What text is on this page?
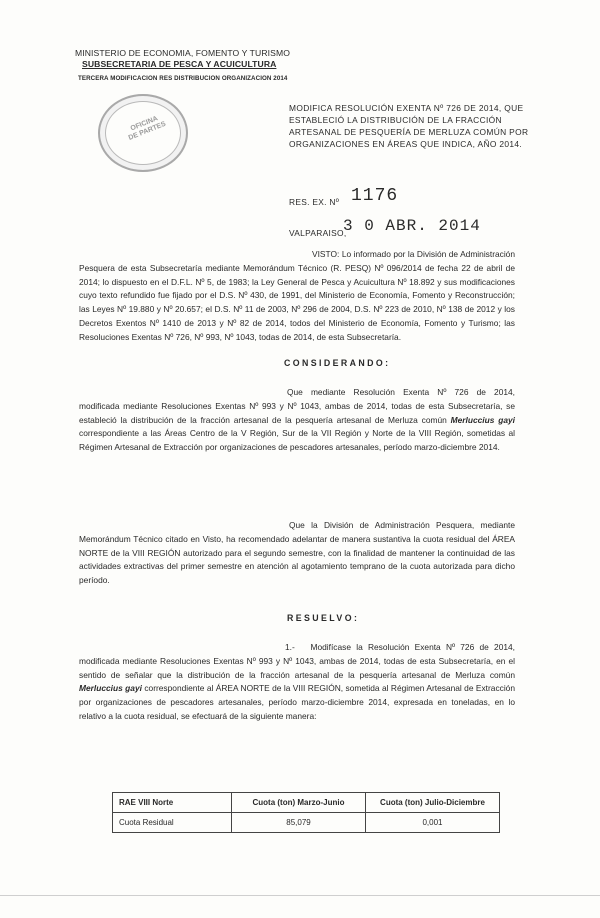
MINISTERIO DE ECONOMIA, FOMENTO Y TURISMO
SUBSECRETARIA DE PESCA Y ACUICULTURA
TERCERA MODIFICACION RES DISTRIBUCION ORGANIZACION 2014
OFICINA DE PARTES
MODIFICA RESOLUCIÓN EXENTA Nº 726 DE 2014, QUE ESTABLECIÓ LA DISTRIBUCIÓN DE LA FRACCIÓN ARTESANAL DE PESQUERÍA DE MERLUZA COMÚN POR ORGANIZACIONES EN ÁREAS QUE INDICA, AÑO 2014.
RES. EX. Nº 1176
VALPARAISO,
3 0 ABR. 2014
VISTO: Lo informado por la División de Administración Pesquera de esta Subsecretaría mediante Memorándum Técnico (R. PESQ) Nº 096/2014 de fecha 22 de abril de 2014; lo dispuesto en el D.F.L. Nº 5, de 1983; la Ley General de Pesca y Acuicultura Nº 18.892 y sus modificaciones cuyo texto refundido fue fijado por el D.S. Nº 430, de 1991, del Ministerio de Economía, Fomento y Reconstrucción; las Leyes Nº 19.880 y Nº 20.657; el D.S. Nº 11 de 2003, Nº 296 de 2004, D.S. Nº 223 de 2010, Nº 138 de 2012 y los Decretos Exentos Nº 1410 de 2013 y Nº 82 de 2014, todos del Ministerio de Economía, Fomento y Turismo; las Resoluciones Exentas Nº 726, Nº 993, Nº 1043, todas de 2014, de esta Subsecretaría.
CONSIDERANDO:
Que mediante Resolución Exenta Nº 726 de 2014, modificada mediante Resoluciones Exentas Nº 993 y Nº 1043, ambas de 2014, todas de esta Subsecretaría, se estableció la distribución de la fracción artesanal de la pesquería artesanal de Merluza común Merluccius gayi correspondiente a las Áreas Centro de la V Región, Sur de la VII Región y Norte de la VIII Región, sometidas al Régimen Artesanal de Extracción por organizaciones de pescadores artesanales, período marzo-diciembre 2014.
Que la División de Administración Pesquera, mediante Memorándum Técnico citado en Visto, ha recomendado adelantar de manera sustantiva la cuota residual del ÁREA NORTE de la VIII REGIÓN autorizado para el segundo semestre, con la finalidad de mantener la continuidad de las actividades extractivas del primer semestre en atención al agotamiento temprano de la cuota autorizada para dicho período.
RESUELVO:
1.- Modifícase la Resolución Exenta Nº 726 de 2014, modificada mediante Resoluciones Exentas Nº 993 y Nº 1043, ambas de 2014, todas de esta Subsecretaría, en el sentido de señalar que la distribución de la fracción artesanal de la pesquería artesanal de Merluza común Merluccius gayi correspondiente al ÁREA NORTE de la VIII REGIÓN, sometida al Régimen Artesanal de Extracción por organizaciones de pescadores artesanales, período marzo-diciembre 2014, expresada en toneladas, en lo relativo a la cuota residual, se efectuará de la siguiente manera:
RAE VIII Norte	Cuota (ton) Marzo-Junio	Cuota (ton) Julio-Diciembre
Cuota Residual	85,079	0,001
